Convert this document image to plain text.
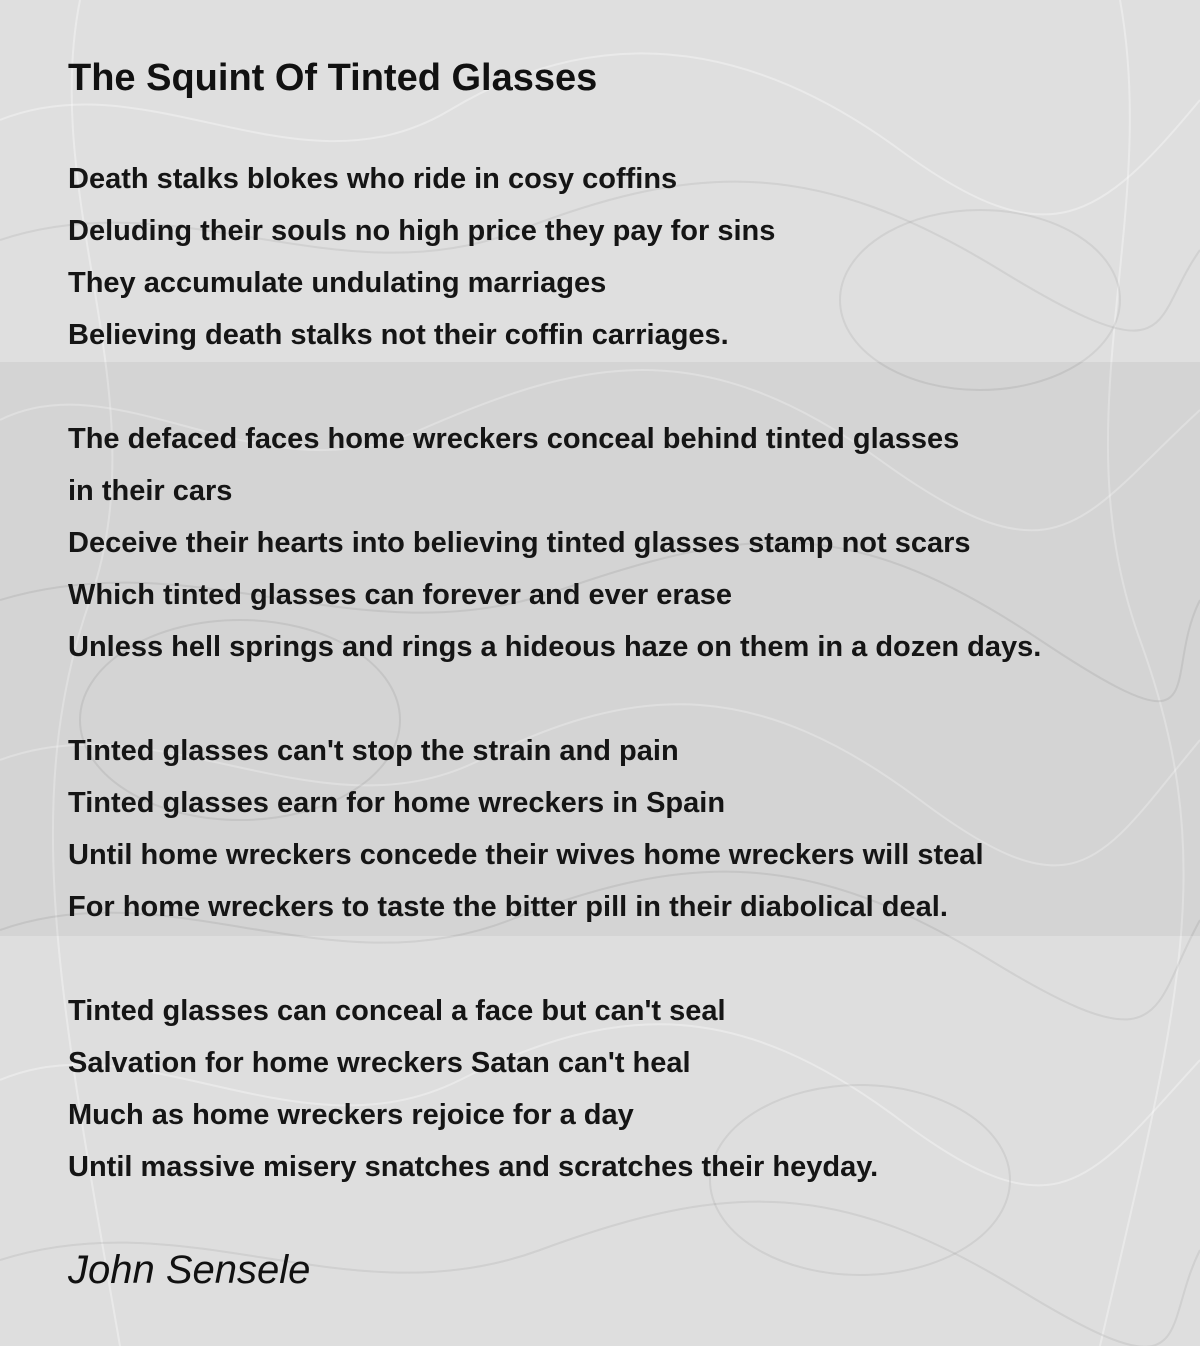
The Squint Of Tinted Glasses
Death stalks blokes who ride in cosy coffins
Deluding their souls no high price they pay for sins
They accumulate undulating marriages
Believing death stalks not their coffin carriages.
The defaced faces home wreckers conceal behind tinted glasses
in their cars
Deceive their hearts into believing tinted glasses stamp not scars
Which tinted glasses can forever and ever erase
Unless hell springs and rings a hideous haze on them in a dozen days.
Tinted glasses can't stop the strain and pain
Tinted glasses earn for home wreckers in Spain
Until home wreckers concede their wives home wreckers will steal
For home wreckers to taste the bitter pill in their diabolical deal.
Tinted glasses can conceal a face but can't seal
Salvation for home wreckers Satan can't heal
Much as home wreckers rejoice for a day
Until massive misery snatches and scratches their heyday.
John Sensele
